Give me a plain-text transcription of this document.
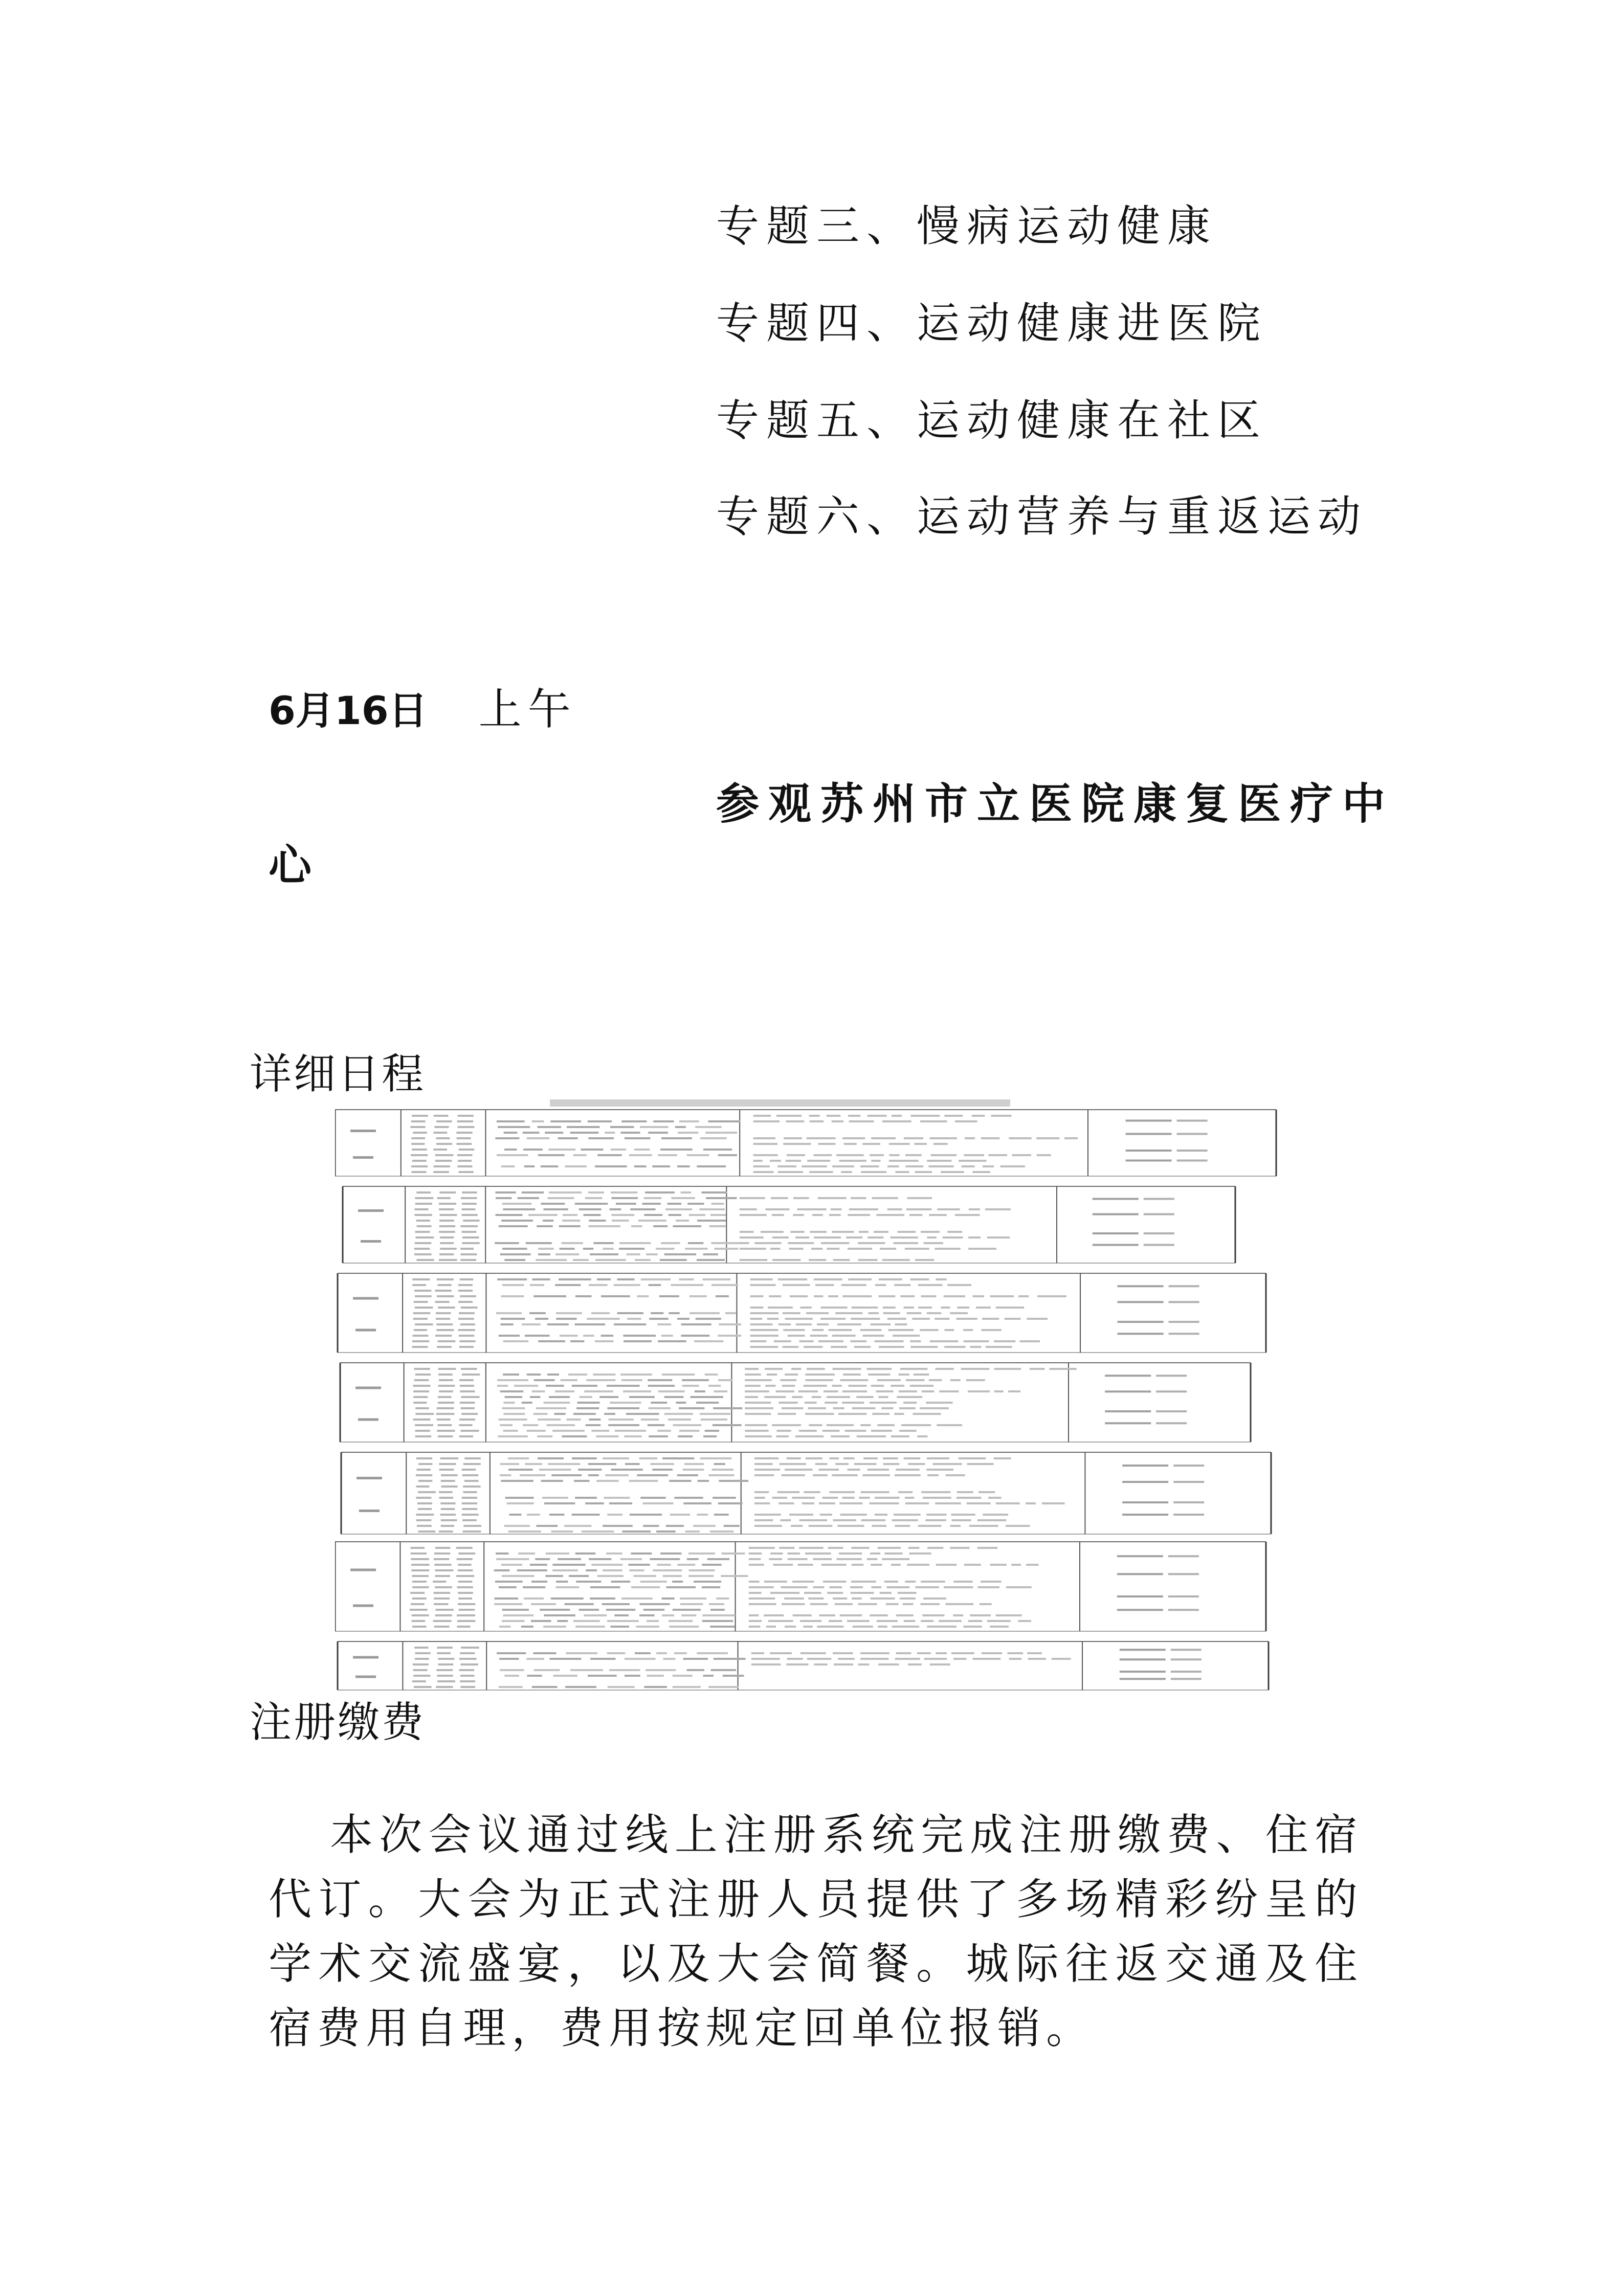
专题三、慢病运动健康
专题四、运动健康进医院
专题五、运动健康在社区
专题六、运动营养与重返运动
6月16日 上午
参观苏州市立医院康复医疗中
心
详细日程
注册缴费

本次会议通过线上注册系统完成注册缴费、住宿代订。大会为正式注册人员提供了多场精彩纷呈的学术交流盛宴，以及大会简餐。城际往返交通及住宿费用自理，费用按规定回单位报销。
